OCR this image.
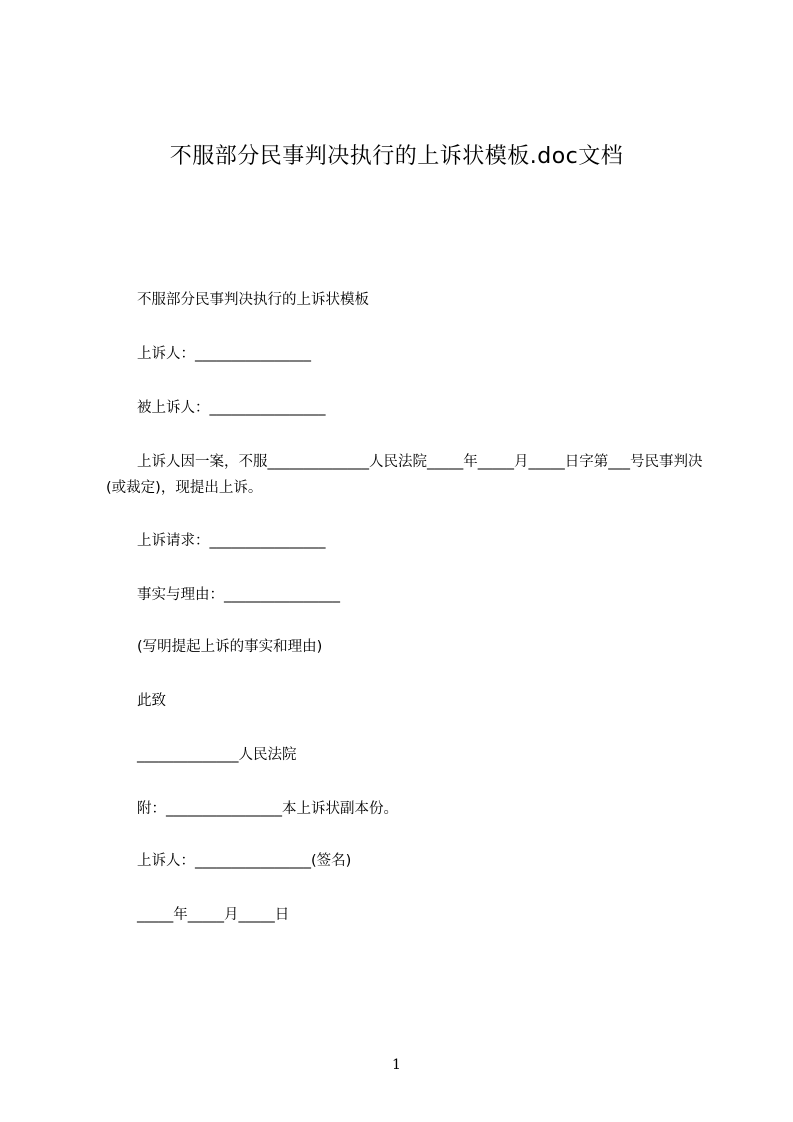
不服部分民事判决执行的上诉状模板.doc文档
不服部分民事判决执行的上诉状模板
上诉人：________________
被上诉人：________________
上诉人因一案，不服______________人民法院_____年_____月_____日字第___号民事判决(或裁定)，现提出上诉。
上诉请求：________________
事实与理由：________________
(写明提起上诉的事实和理由)
此致
______________人民法院
附：________________本上诉状副本份。
上诉人：________________(签名)
_____年_____月_____日
1
